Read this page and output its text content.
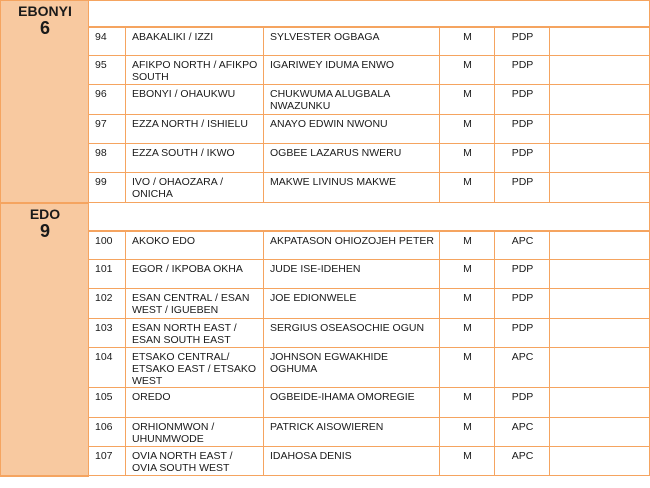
EBONYI
6						

	94	ABAKALIKI / IZZI	SYLVESTER OGBAGA	M	PDP	
	95	AFIKPO NORTH / AFIKPO SOUTH	IGARIWEY IDUMA ENWO	M	PDP	
	96	EBONYI / OHAUKWU	CHUKWUMA ALUGBALA NWAZUNKU	M	PDP	
	97	EZZA NORTH / ISHIELU	ANAYO EDWIN NWONU	M	PDP	
	98	EZZA SOUTH / IKWO	OGBEE LAZARUS NWERU	M	PDP	
	99	IVO / OHAOZARA / ONICHA	MAKWE LIVINUS MAKWE	M	PDP	

EDO
9						

	100	AKOKO EDO	AKPATASON OHIOZOJEH PETER	M	APC	
	101	EGOR / IKPOBA OKHA	JUDE ISE-IDEHEN	M	PDP	
	102	ESAN CENTRAL / ESAN WEST / IGUEBEN	JOE EDIONWELE	M	PDP	
	103	ESAN NORTH EAST / ESAN SOUTH EAST	SERGIUS OSEASOCHIE OGUN	M	PDP	
	104	ETSAKO CENTRAL/ ETSAKO EAST / ETSAKO WEST	JOHNSON EGWAKHIDE OGHUMA	M	APC	
	105	OREDO	OGBEIDE-IHAMA OMOREGIE	M	PDP	
	106	ORHIONMWON / UHUNMWODE	PATRICK AISOWIEREN	M	APC	
	107	OVIA NORTH EAST / OVIA SOUTH WEST	IDAHOSA DENIS	M	APC	
